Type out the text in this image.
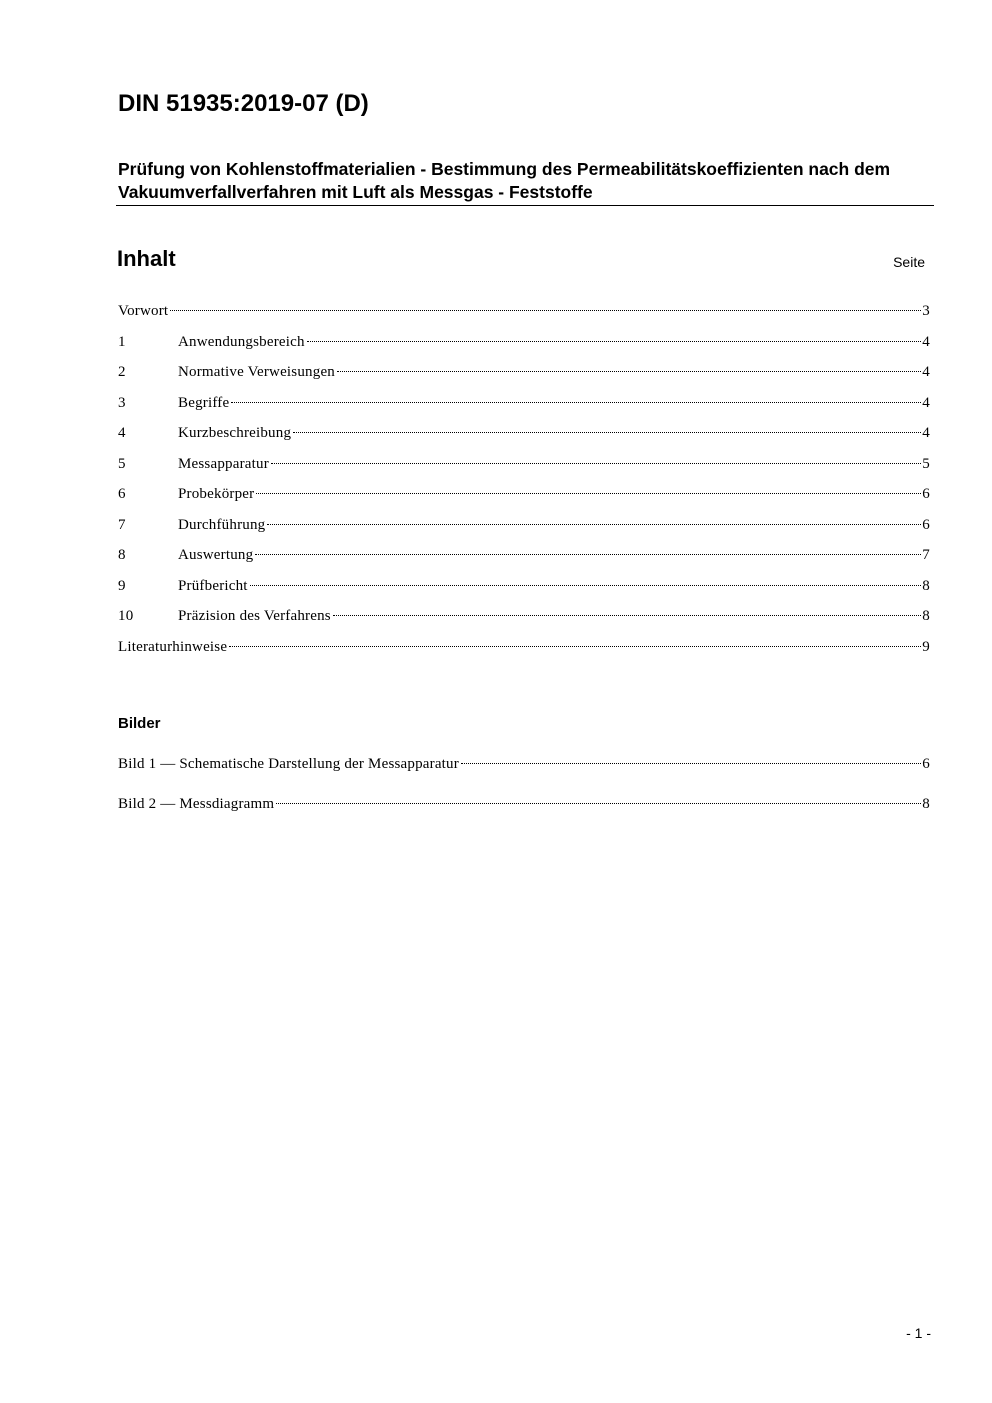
DIN 51935:2019-07 (D)
Prüfung von Kohlenstoffmaterialien - Bestimmung des Permeabilitätskoeffizienten nach dem Vakuumverfallverfahren mit Luft als Messgas - Feststoffe
Inhalt	Seite
Vorwort	3
1	Anwendungsbereich	4
2	Normative Verweisungen	4
3	Begriffe	4
4	Kurzbeschreibung	4
5	Messapparatur	5
6	Probekörper	6
7	Durchführung	6
8	Auswertung	7
9	Prüfbericht	8
10	Präzision des Verfahrens	8
Literaturhinweise	9
Bilder
Bild 1 — Schematische Darstellung der Messapparatur	6
Bild 2 — Messdiagramm	8
- 1 -
